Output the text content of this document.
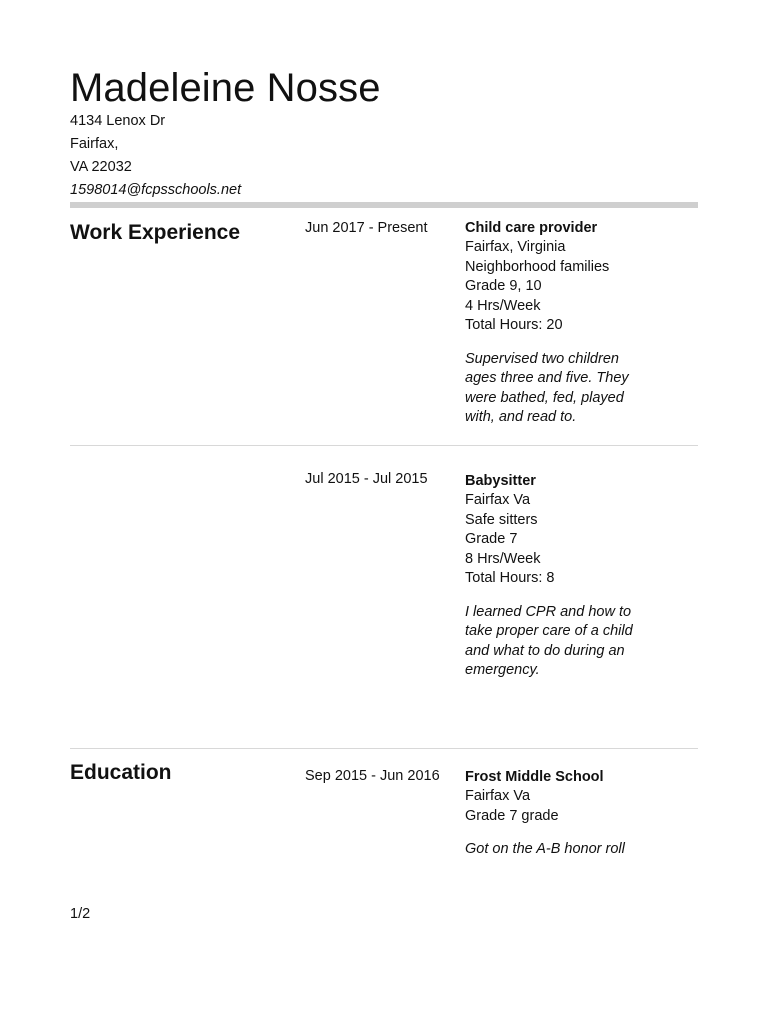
Madeleine Nosse
4134 Lenox Dr
Fairfax,
VA 22032
1598014@fcpsschools.net
Work Experience	Jun 2017 - Present	Child care provider
Fairfax, Virginia
Neighborhood families
Grade 9, 10
4 Hrs/Week
Total Hours: 20
Supervised two children
ages three and five. They
were bathed, fed, played
with, and read to.
Jul 2015 - Jul 2015	Babysitter
Fairfax Va
Safe sitters
Grade 7
8 Hrs/Week
Total Hours: 8
I learned CPR and how to
take proper care of a child
and what to do during an
emergency.
Education	Sep 2015 - Jun 2016 Frost Middle School
Fairfax Va
Grade 7 grade
Got on the A-B honor roll
1/2
